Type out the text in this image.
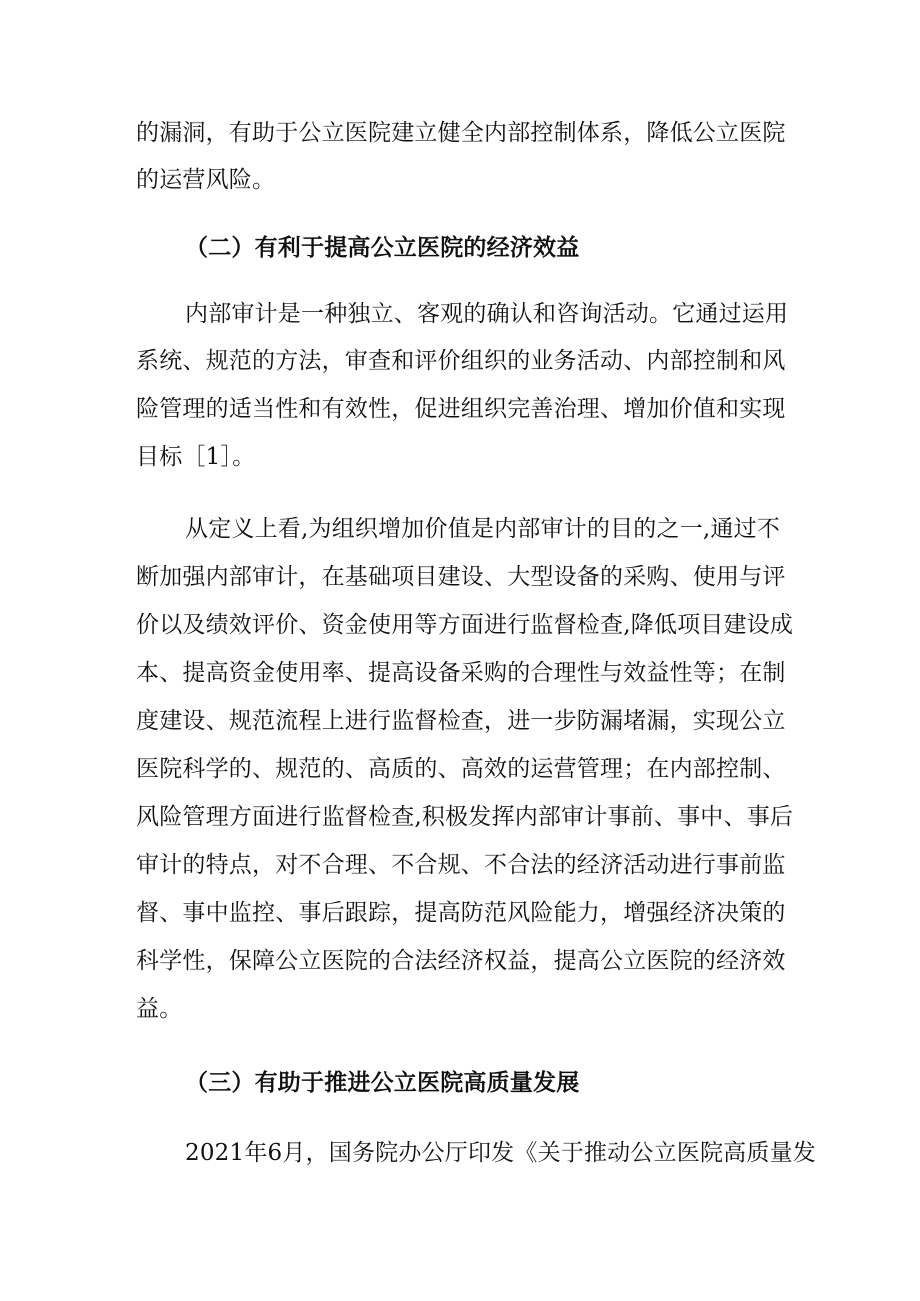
的漏洞，有助于公立医院建立健全内部控制体系，降低公立医院
的运营风险。
（二）有利于提高公立医院的经济效益
内部审计是一种独立、客观的确认和咨询活动。它通过运用
系统、规范的方法，审查和评价组织的业务活动、内部控制和风
险管理的适当性和有效性，促进组织完善治理、增加价值和实现
目标［1］。
从定义上看,为组织增加价值是内部审计的目的之一,通过不
断加强内部审计，在基础项目建设、大型设备的采购、使用与评
价以及绩效评价、资金使用等方面进行监督检查,降低项目建设成
本、提高资金使用率、提高设备采购的合理性与效益性等；在制
度建设、规范流程上进行监督检查，进一步防漏堵漏，实现公立
医院科学的、规范的、高质的、高效的运营管理；在内部控制、
风险管理方面进行监督检查,积极发挥内部审计事前、事中、事后
审计的特点，对不合理、不合规、不合法的经济活动进行事前监
督、事中监控、事后跟踪，提高防范风险能力，增强经济决策的
科学性，保障公立医院的合法经济权益，提高公立医院的经济效
益。
（三）有助于推进公立医院高质量发展
2021年6月，国务院办公厅印发《关于推动公立医院高质量发
